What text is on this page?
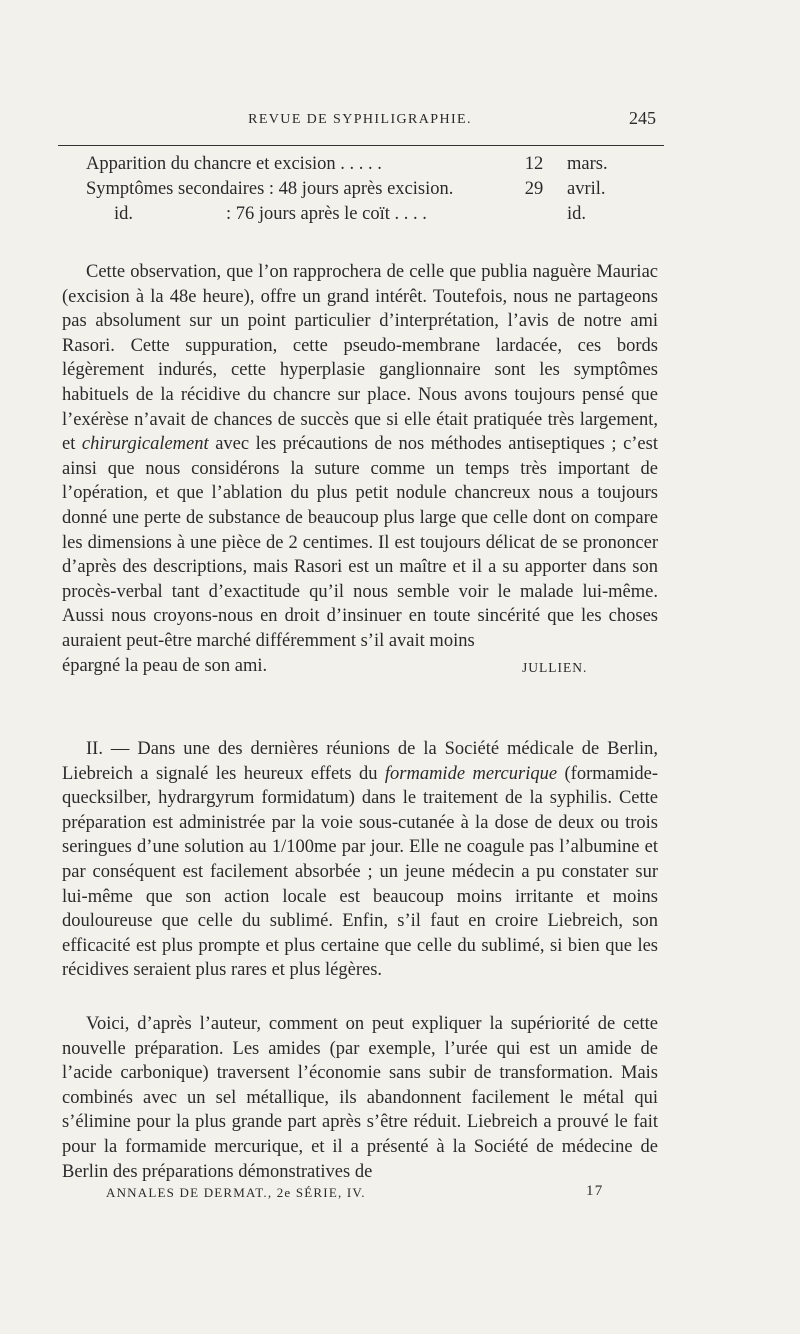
REVUE DE SYPHILIGRAPHIE.	245
Apparition du chancre et excision . . . . .	12	mars.
Symptômes secondaires : 48 jours après excision.	29	avril.
id.	: 76 jours après le coït . . . .	id.

Cette observation, que l’on rapprochera de celle que publia naguère Mauriac (excision à la 48e heure), offre un grand intérêt. Toutefois, nous ne partageons pas absolument sur un point particulier d’interprétation, l’avis de notre ami Rasori. Cette suppuration, cette pseudo-membrane lardacée, ces bords légèrement indurés, cette hyperplasie ganglionnaire sont les symptômes habituels de la récidive du chancre sur place. Nous avons toujours pensé que l’exérèse n’avait de chances de succès que si elle était pratiquée très largement, et chirurgicalement avec les précautions de nos méthodes antiseptiques ; c’est ainsi que nous considérons la suture comme un temps très important de l’opération, et que l’ablation du plus petit nodule chancreux nous a toujours donné une perte de substance de beaucoup plus large que celle dont on compare les dimensions à une pièce de 2 centimes. Il est toujours délicat de se prononcer d’après des descriptions, mais Rasori est un maître et il a su apporter dans son procès-verbal tant d’exactitude qu’il nous semble voir le malade lui-même. Aussi nous croyons-nous en droit d’insinuer en toute sincérité que les choses auraient peut-être marché différemment s’il avait moins

épargné la peau de son ami.	JULLIEN.

II. — Dans une des dernières réunions de la Société médicale de Berlin, Liebreich a signalé les heureux effets du formamide mercurique (formamide-quecksilber, hydrargyrum formidatum) dans le traitement de la syphilis. Cette préparation est administrée par la voie sous-cutanée à la dose de deux ou trois seringues d’une solution au 1/100me par jour. Elle ne coagule pas l’albumine et par conséquent est facilement absorbée ; un jeune médecin a pu constater sur lui-même que son action locale est beaucoup moins irritante et moins douloureuse que celle du sublimé. Enfin, s’il faut en croire Liebreich, son efficacité est plus prompte et plus certaine que celle du sublimé, si bien que les récidives seraient plus rares et plus légères.

Voici, d’après l’auteur, comment on peut expliquer la supériorité de cette nouvelle préparation. Les amides (par exemple, l’urée qui est un amide de l’acide carbonique) traversent l’économie sans subir de transformation. Mais combinés avec un sel métallique, ils abandonnent facilement le métal qui s’élimine pour la plus grande part après s’être réduit. Liebreich a prouvé le fait pour la formamide mercurique, et il a présenté à la Société de médecine de Berlin des préparations démonstratives de

ANNALES DE DERMAT., 2e SÉRIE, IV.	17
